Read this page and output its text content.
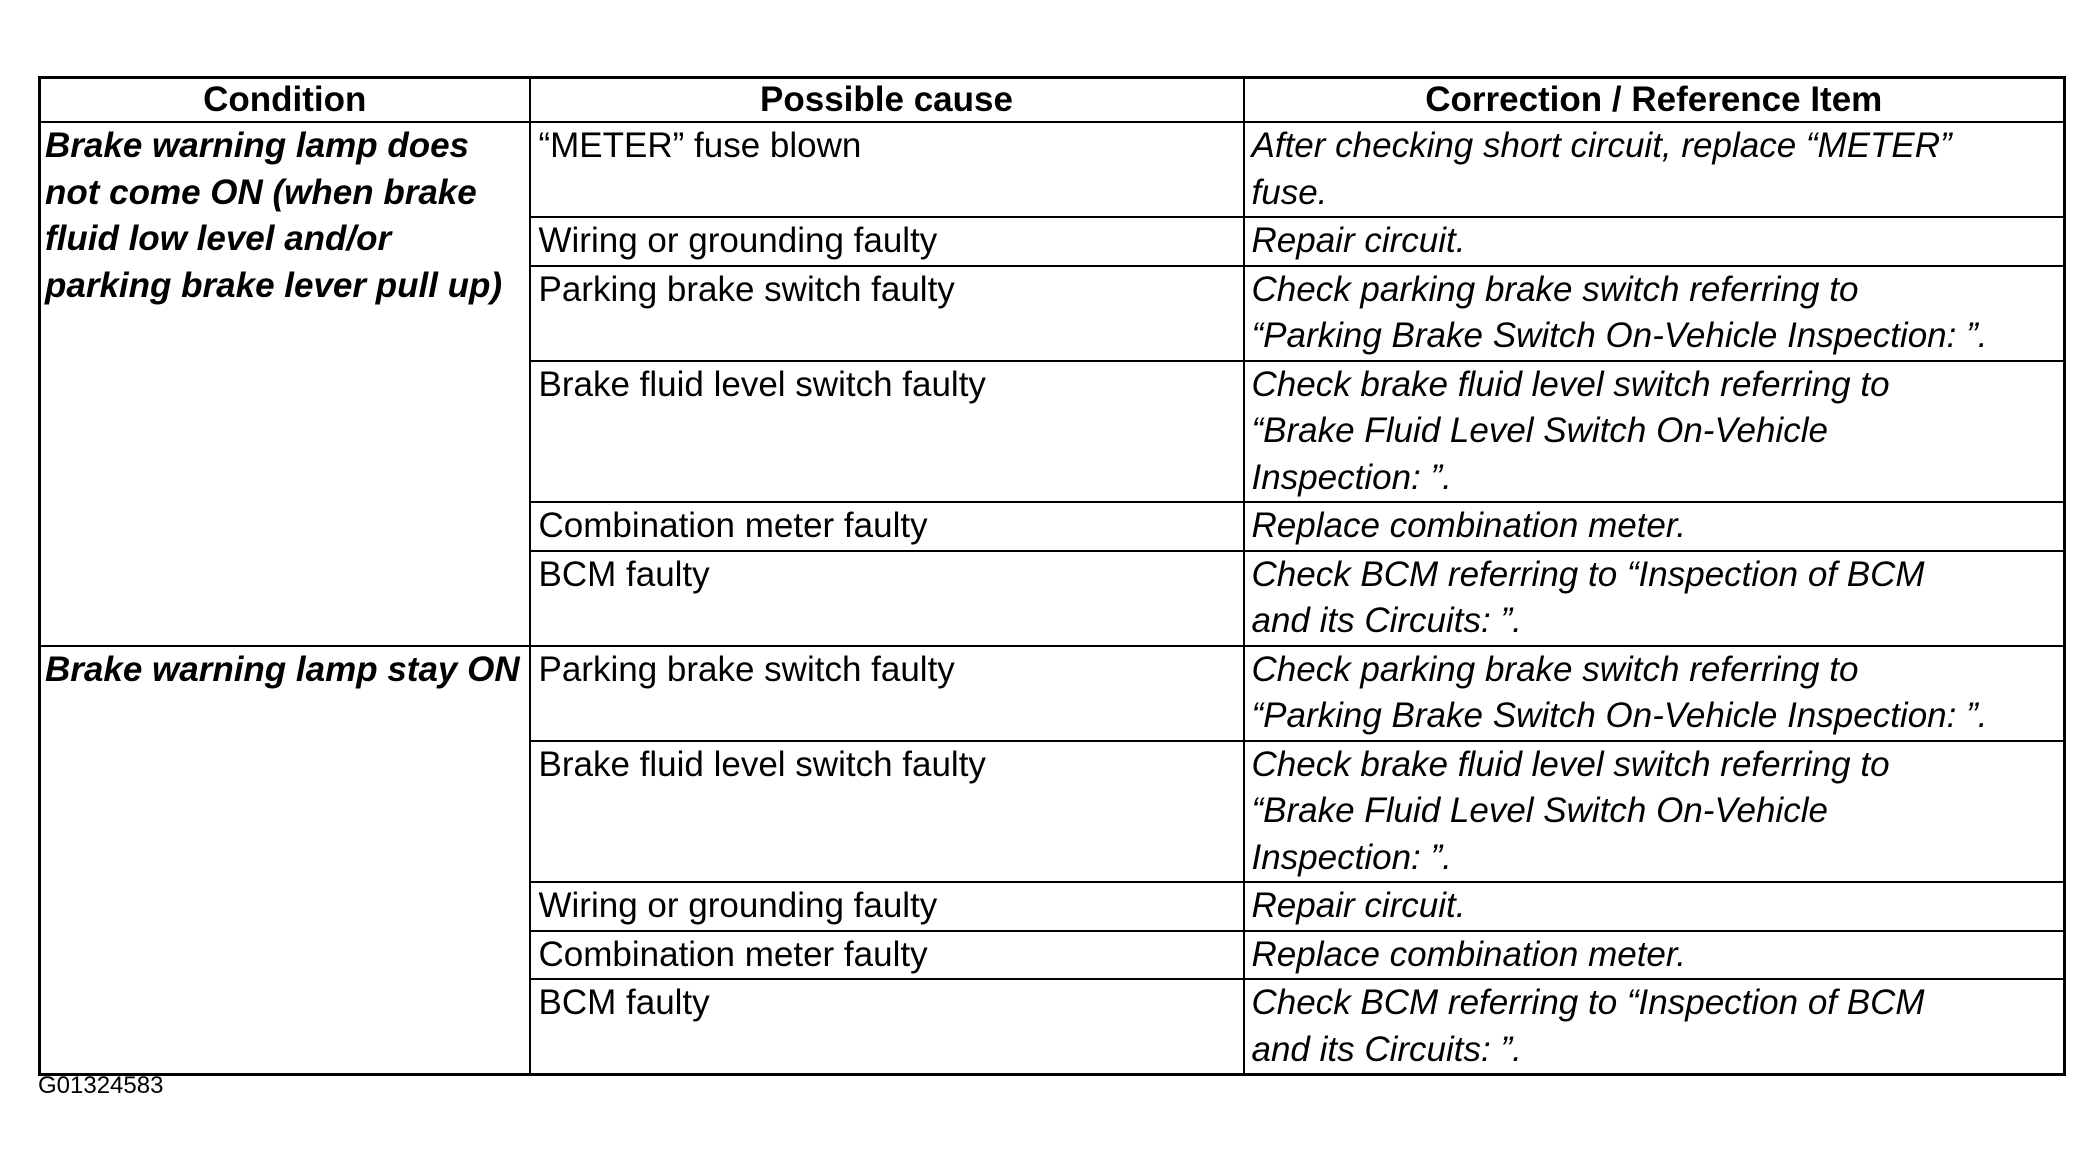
Condition	Possible cause	Correction / Reference Item
Brake warning lamp does not come ON (when brake fluid low level and/or parking brake lever pull up)	“METER” fuse blown	After checking short circuit, replace “METER”
fuse.

	Wiring or grounding faulty	Repair circuit.

	Parking brake switch faulty	Check parking brake switch referring to
“Parking Brake Switch On-Vehicle Inspection: ”.

	Brake fluid level switch faulty	Check brake fluid level switch referring to
“Brake Fluid Level Switch On-Vehicle
Inspection: ”.

	Combination meter faulty	Replace combination meter.

	BCM faulty	Check BCM referring to “Inspection of BCM
and its Circuits: ”.

Brake warning lamp stay ON	Parking brake switch faulty	Check parking brake switch referring to
“Parking Brake Switch On-Vehicle Inspection: ”.

	Brake fluid level switch faulty	Check brake fluid level switch referring to
“Brake Fluid Level Switch On-Vehicle
Inspection: ”.

	Wiring or grounding faulty	Repair circuit.

	Combination meter faulty	Replace combination meter.

	BCM faulty	Check BCM referring to “Inspection of BCM
and its Circuits: ”.
G01324583
